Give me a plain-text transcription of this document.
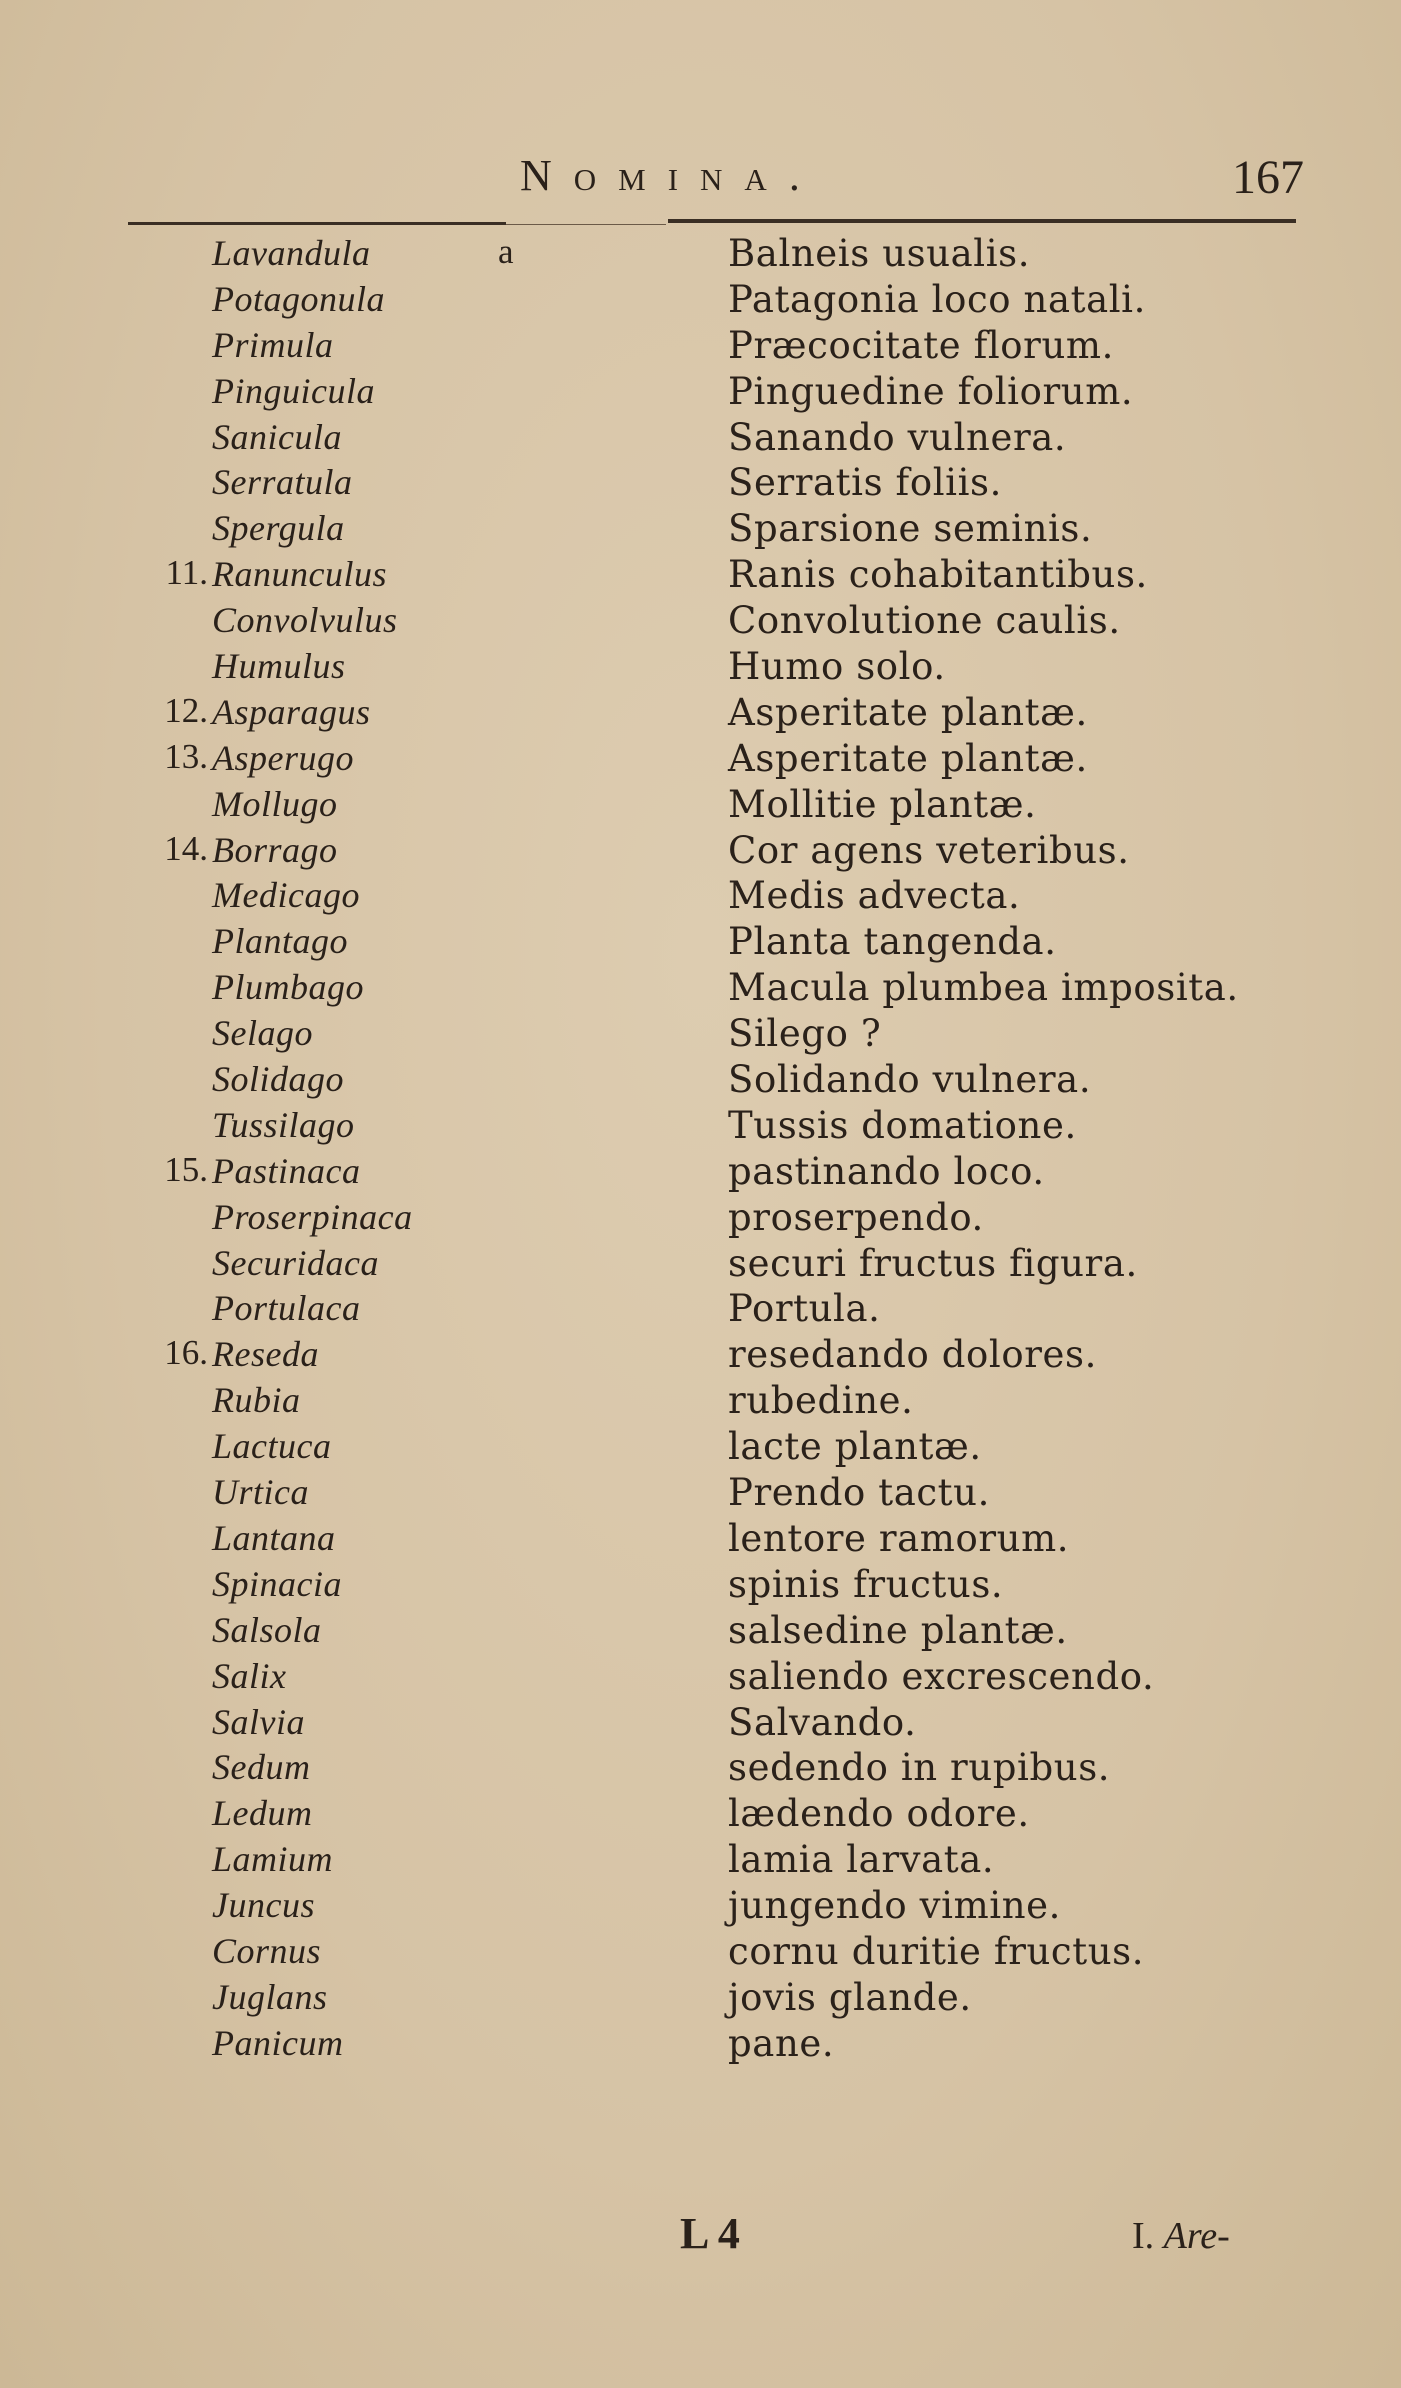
Nomina.	167
Lavandula	a	Balneis usualis.
Potagonula	Patagonia loco natali.
Primula	Præcocitate florum.
Pinguicula	Pinguedine foliorum.
Sanicula	Sanando vulnera.
Serratula	Serratis foliis.
Spergula	Sparsione seminis.
11. Ranunculus	Ranis cohabitantibus.
Convolvulus	Convolutione caulis.
Humulus	Humo solo.
12. Asparagus	Asperitate plantæ.
13. Asperugo	Asperitate plantæ.
Mollugo	Mollitie plantæ.
14. Borrago	Cor agens veteribus.
Medicago	Medis advecta.
Plantago	Planta tangenda.
Plumbago	Macula plumbea imposita.
Selago	Silego ?
Solidago	Solidando vulnera.
Tussilago	Tussis domatione.
15. Pastinaca	pastinando loco.
Proserpinaca	proserpendo.
Securidaca	securi fructus figura.
Portulaca	Portula.
16. Reseda	resedando dolores.
Rubia	rubedine.
Lactuca	lacte plantæ.
Urtica	Prendo tactu.
Lantana	lentore ramorum.
Spinacia	spinis fructus.
Salsola	salsedine plantæ.
Salix	saliendo excrescendo.
Salvia	Salvando.
Sedum	sedendo in rupibus.
Ledum	lædendo odore.
Lamium	lamia larvata.
Juncus	jungendo vimine.
Cornus	cornu duritie fructus.
Juglans	jovis glande.
Panicum	pane.
L 4	I. Are-
